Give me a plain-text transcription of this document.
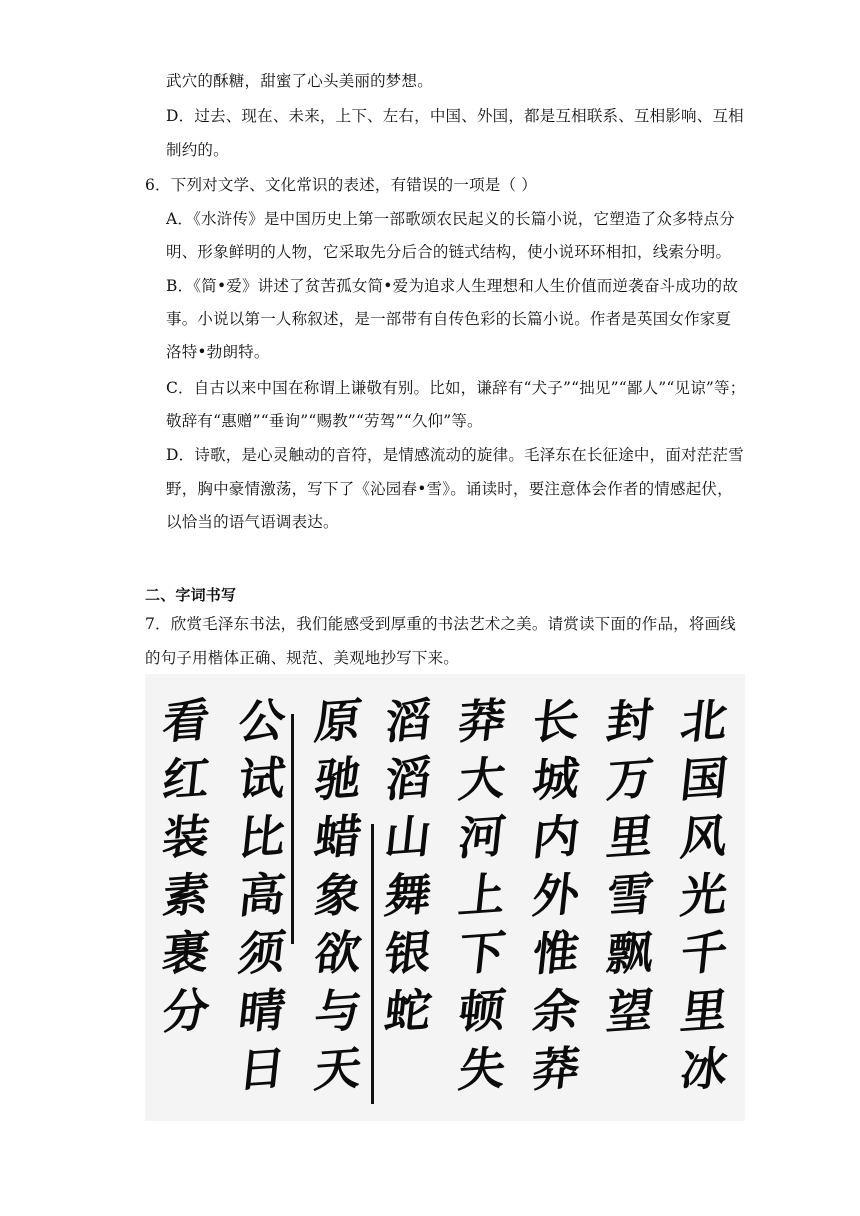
武穴的酥糖，甜蜜了心头美丽的梦想。
D．过去、现在、未来，上下、左右，中国、外国，都是互相联系、互相影响、互相
制约的。
6．下列对文学、文化常识的表述，有错误的一项是（ ）
A．《水浒传》是中国历史上第一部歌颂农民起义的长篇小说，它塑造了众多特点分
明、形象鲜明的人物，它采取先分后合的链式结构，使小说环环相扣，线索分明。
B．《简•爱》讲述了贫苦孤女简•爱为追求人生理想和人生价值而逆袭奋斗成功的故
事。小说以第一人称叙述，是一部带有自传色彩的长篇小说。作者是英国女作家夏
洛特•勃朗特。
C．自古以来中国在称谓上谦敬有别。比如，谦辞有“犬子”“拙见”“鄙人”“见谅”等；
敬辞有“惠赠”“垂询”“赐教”“劳驾”“久仰”等。
D．诗歌，是心灵触动的音符，是情感流动的旋律。毛泽东在长征途中，面对茫茫雪
野，胸中豪情激荡，写下了《沁园春•雪》。诵读时，要注意体会作者的情感起伏，
以恰当的语气语调表达。
二、字词书写
7．欣赏毛泽东书法，我们能感受到厚重的书法艺术之美。请赏读下面的作品，将画线
的句子用楷体正确、规范、美观地抄写下来。
北
国
风
光
千
里
冰
封
万
里
雪
飘
望
长
城
内
外
惟
余
莽
莽
大
河
上
下
顿
失
滔
滔
山
舞
银
蛇
原
驰
蜡
象
欲
与
天
公
试
比
高
须
晴
日
看
红
装
素
裹
分
